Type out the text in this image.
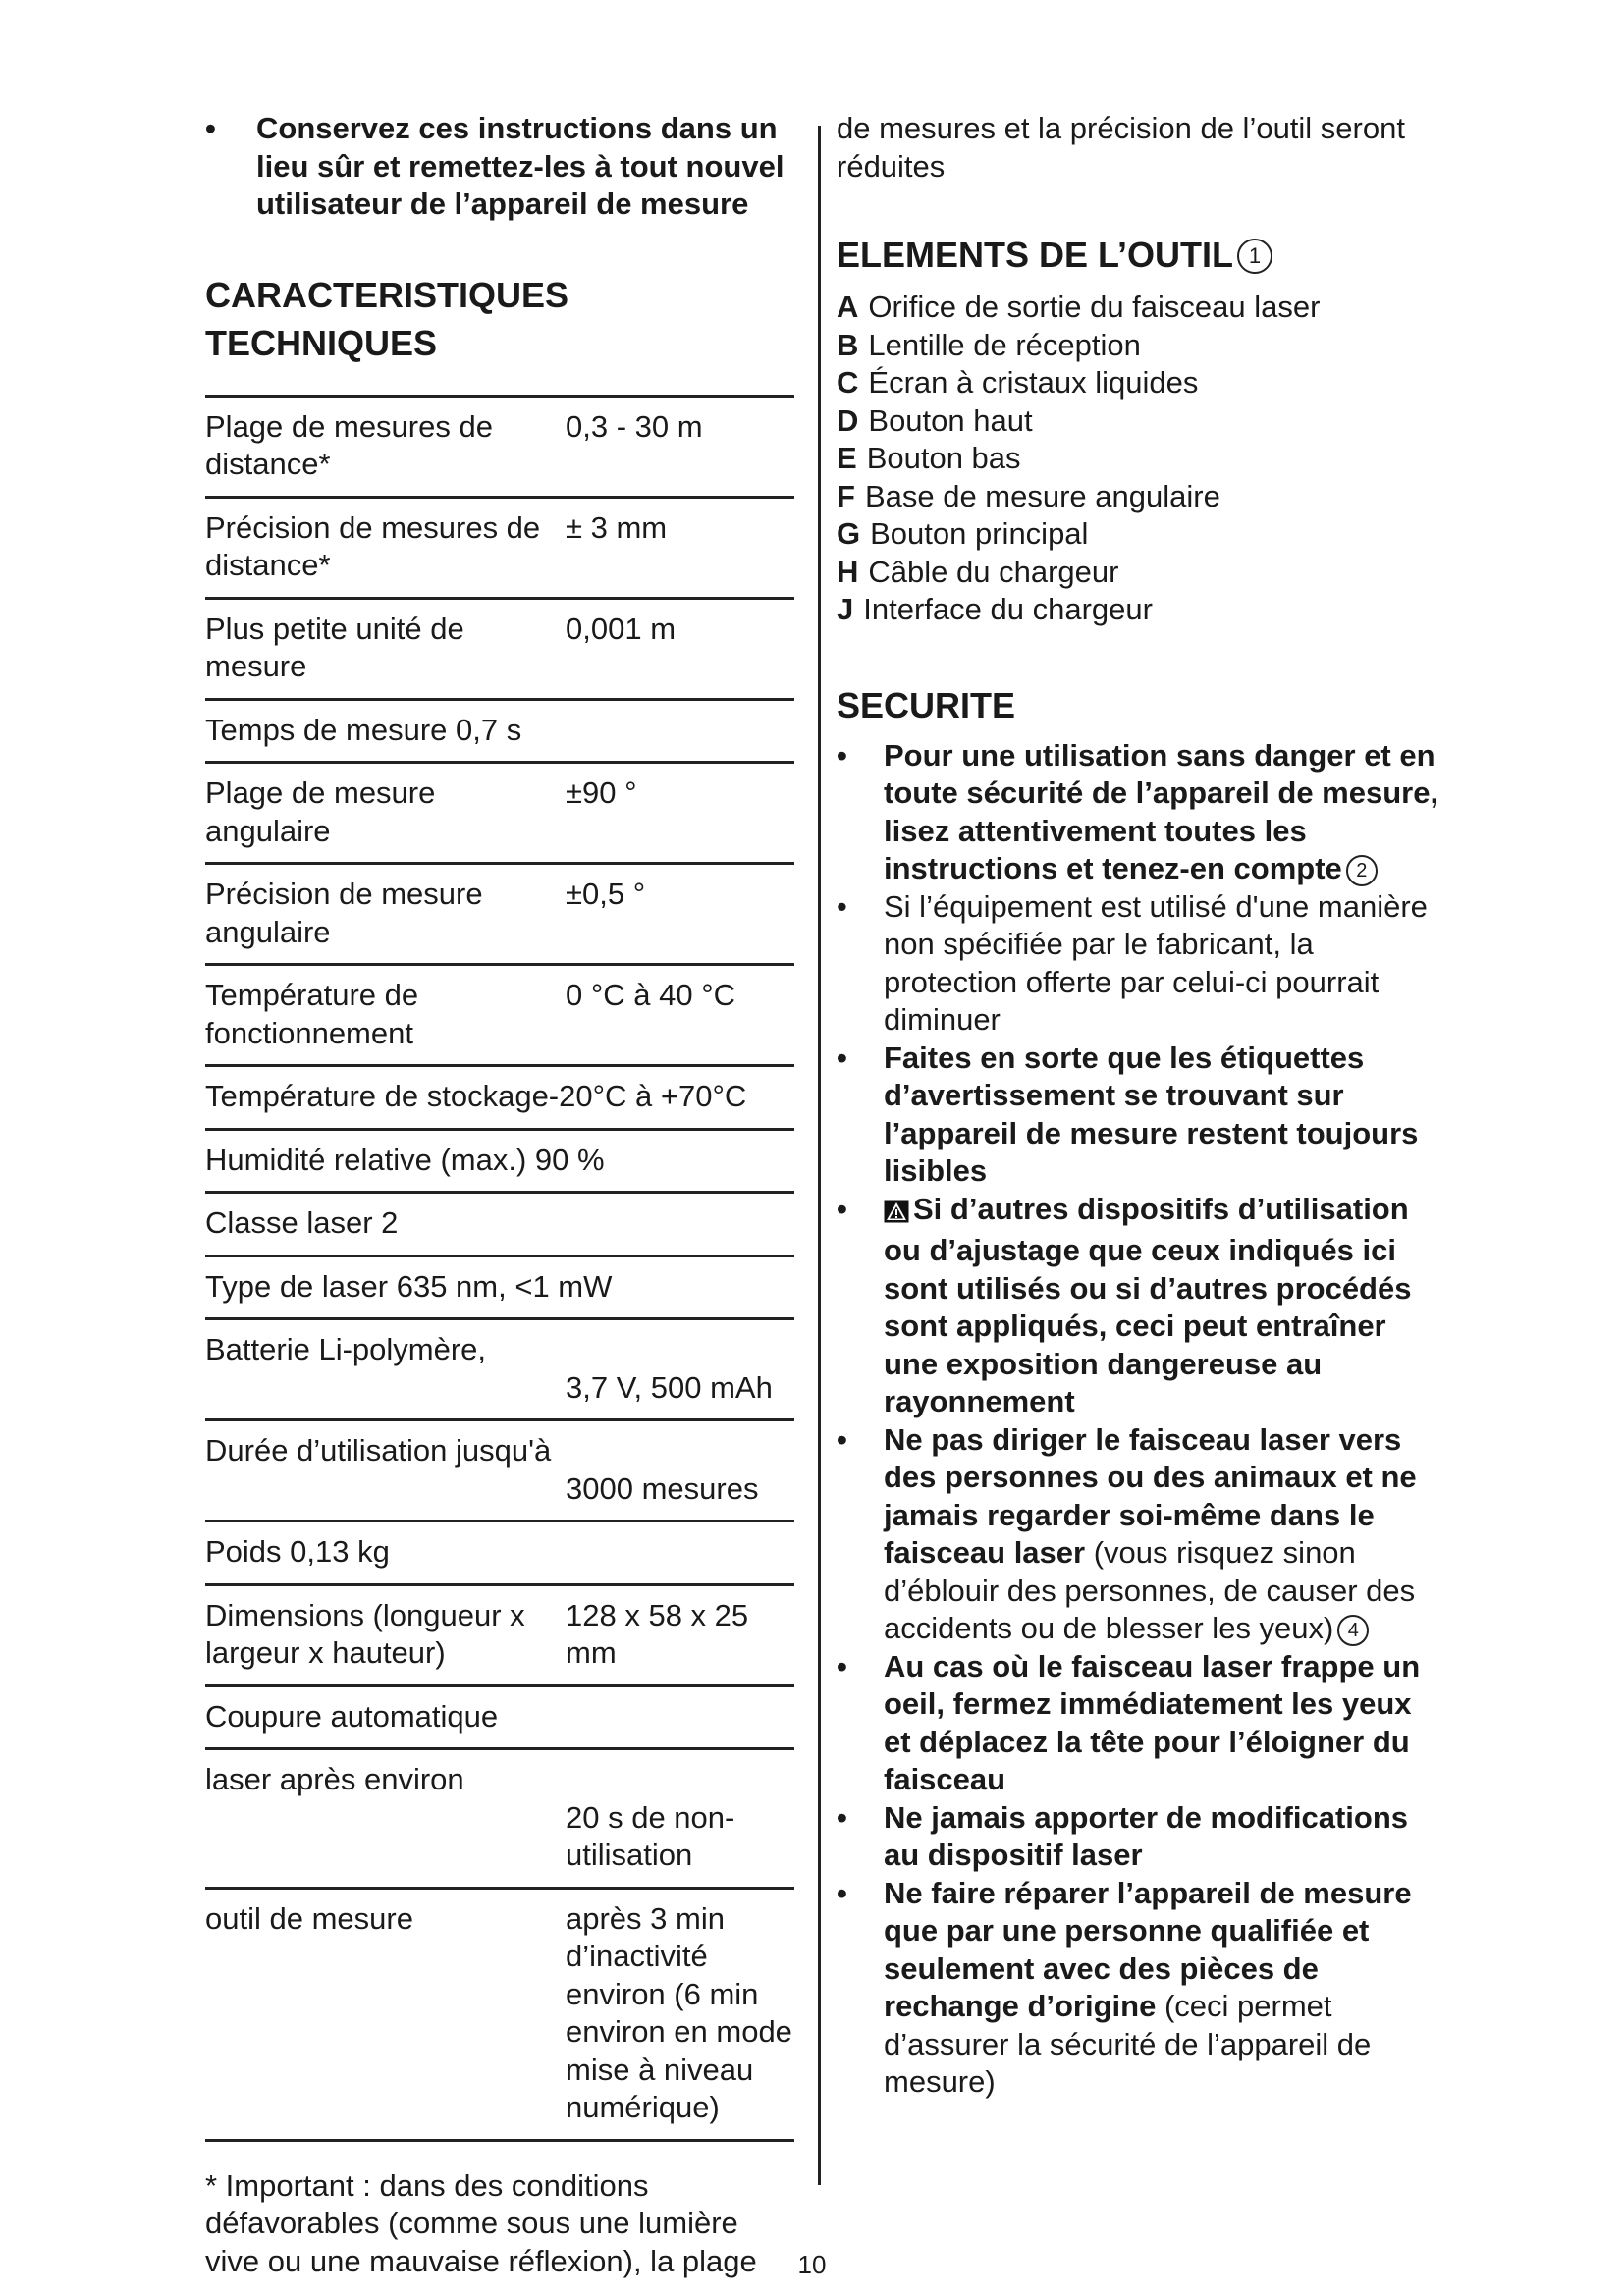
• Conservez ces instructions dans un lieu sûr et remettez-les à tout nouvel utilisateur de l’appareil de mesure
CARACTERISTIQUES
TECHNIQUES
Plage de mesures de distance*	0,3 - 30 m
Précision de mesures de distance*	± 3 mm
Plus petite unité de mesure	0,001 m
Temps de mesure 0,7 s	
Plage de mesure angulaire	±90 °
Précision de mesure angulaire	±0,5 °
Température de fonctionnement	0 °C à 40 °C
Température de stockage-20°C à +70°C	
Humidité relative (max.) 90 %	
Classe laser 2	
Type de laser 635 nm, <1 mW	
Batterie Li-polymère,	3,7 V, 500 mAh
Durée d’utilisation jusqu'à	3000 mesures
Poids 0,13 kg	
Dimensions (longueur x largeur x hauteur)	128 x 58 x 25 mm
Coupure automatique	
laser après environ	20 s de non-utilisation
outil de mesure	après 3 min d’inactivité environ (6 min environ en mode mise à niveau numérique)
* Important : dans des conditions défavorables (comme sous une lumière vive ou une mauvaise réflexion), la plage
de mesures et la précision de l’outil seront réduites
ELEMENTS DE L’OUTIL 1
A Orifice de sortie du faisceau laser
B Lentille de réception
C Écran à cristaux liquides
D Bouton haut
E Bouton bas
F Base de mesure angulaire
G Bouton principal
H Câble du chargeur
J Interface du chargeur
SECURITE
• Pour une utilisation sans danger et en toute sécurité de l’appareil de mesure, lisez attentivement toutes les instructions et tenez-en compte 2
• Si l’équipement est utilisé d'une manière non spécifiée par le fabricant, la protection offerte par celui-ci pourrait diminuer
• Faites en sorte que les étiquettes d’avertissement se trouvant sur l’appareil de mesure restent toujours lisibles
• Si d’autres dispositifs d’utilisation ou d’ajustage que ceux indiqués ici sont utilisés ou si d’autres procédés sont appliqués, ceci peut entraîner une exposition dangereuse au rayonnement
• Ne pas diriger le faisceau laser vers des personnes ou des animaux et ne jamais regarder soi-même dans le faisceau laser (vous risquez sinon d’éblouir des personnes, de causer des accidents ou de blesser les yeux) 4
• Au cas où le faisceau laser frappe un oeil, fermez immédiatement les yeux et déplacez la tête pour l’éloigner du faisceau
• Ne jamais apporter de modifications au dispositif laser
• Ne faire réparer l’appareil de mesure que par une personne qualifiée et seulement avec des pièces de rechange d’origine (ceci permet d’assurer la sécurité de l’appareil de mesure)
10
